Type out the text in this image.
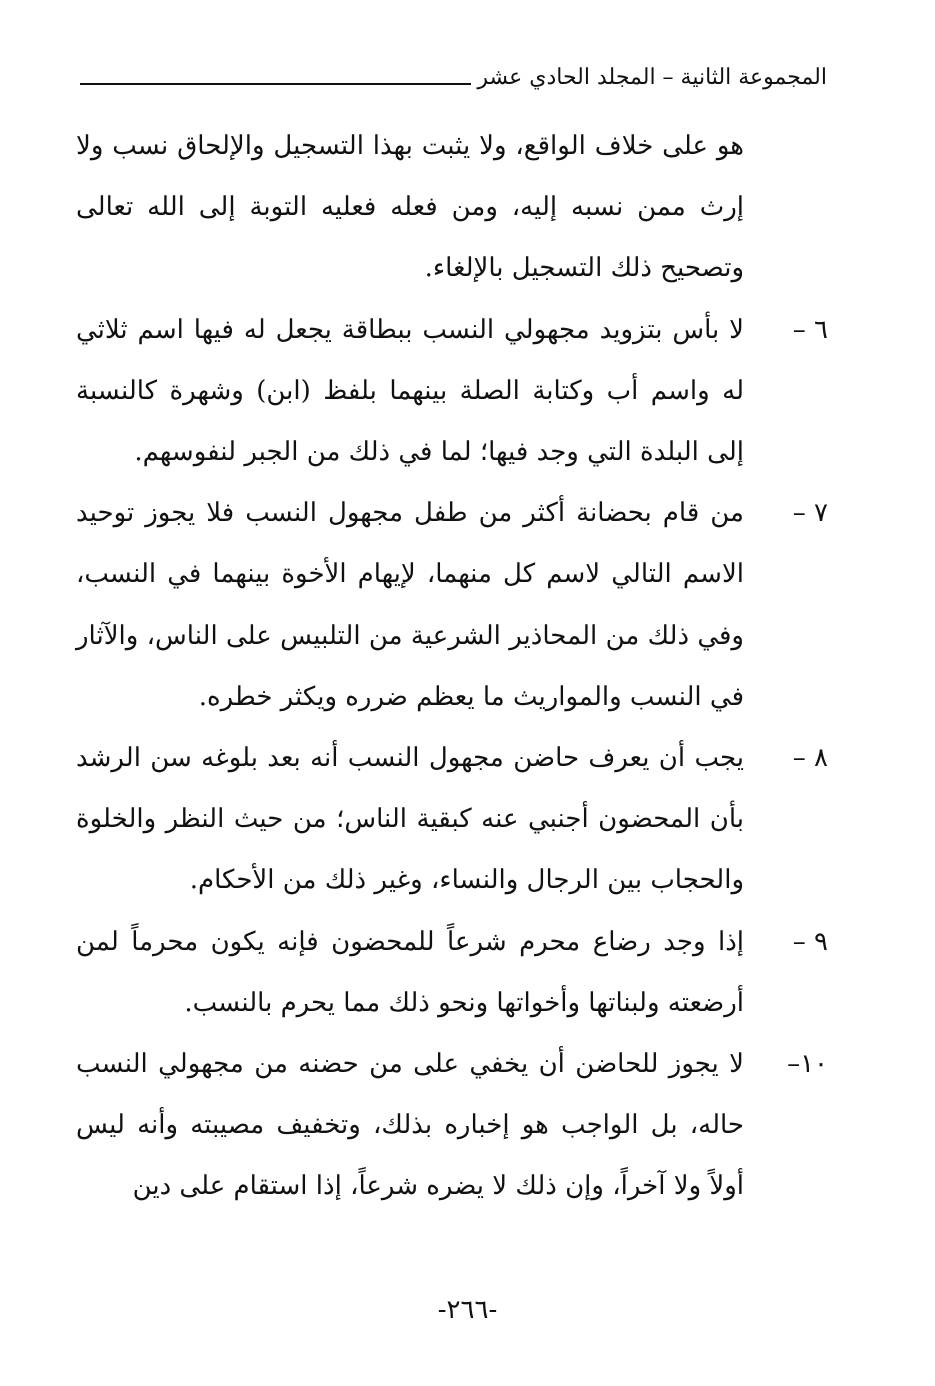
المجموعة الثانية – المجلد الحادي عشر

هو على خلاف الواقع، ولا يثبت بهذا التسجيل والإلحاق نسب ولا إرث ممن نسبه إليه، ومن فعله فعليه التوبة إلى الله تعالى وتصحيح ذلك التسجيل بالإلغاء.

٦ –لا بأس بتزويد مجهولي النسب ببطاقة يجعل له فيها اسم ثلاثي له واسم أب وكتابة الصلة بينهما بلفظ (ابن) وشهرة كالنسبة إلى البلدة التي وجد فيها؛ لما في ذلك من الجبر لنفوسهم.

٧ –من قام بحضانة أكثر من طفل مجهول النسب فلا يجوز توحيد الاسم التالي لاسم كل منهما، لإيهام الأخوة بينهما في النسب، وفي ذلك من المحاذير الشرعية من التلبيس على الناس، والآثار في النسب والمواريث ما يعظم ضرره ويكثر خطره.

٨ –يجب أن يعرف حاضن مجهول النسب أنه بعد بلوغه سن الرشد بأن المحضون أجنبي عنه كبقية الناس؛ من حيث النظر والخلوة والحجاب بين الرجال والنساء، وغير ذلك من الأحكام.

٩ –إذا وجد رضاع محرم شرعاً للمحضون فإنه يكون محرماً لمن أرضعته ولبناتها وأخواتها ونحو ذلك مما يحرم بالنسب.

١٠–لا يجوز للحاضن أن يخفي على من حضنه من مجهولي النسب حاله، بل الواجب هو إخباره بذلك، وتخفيف مصيبته وأنه ليس أولاً ولا آخراً، وإن ذلك لا يضره شرعاً، إذا استقام على دين

-٢٦٦-
